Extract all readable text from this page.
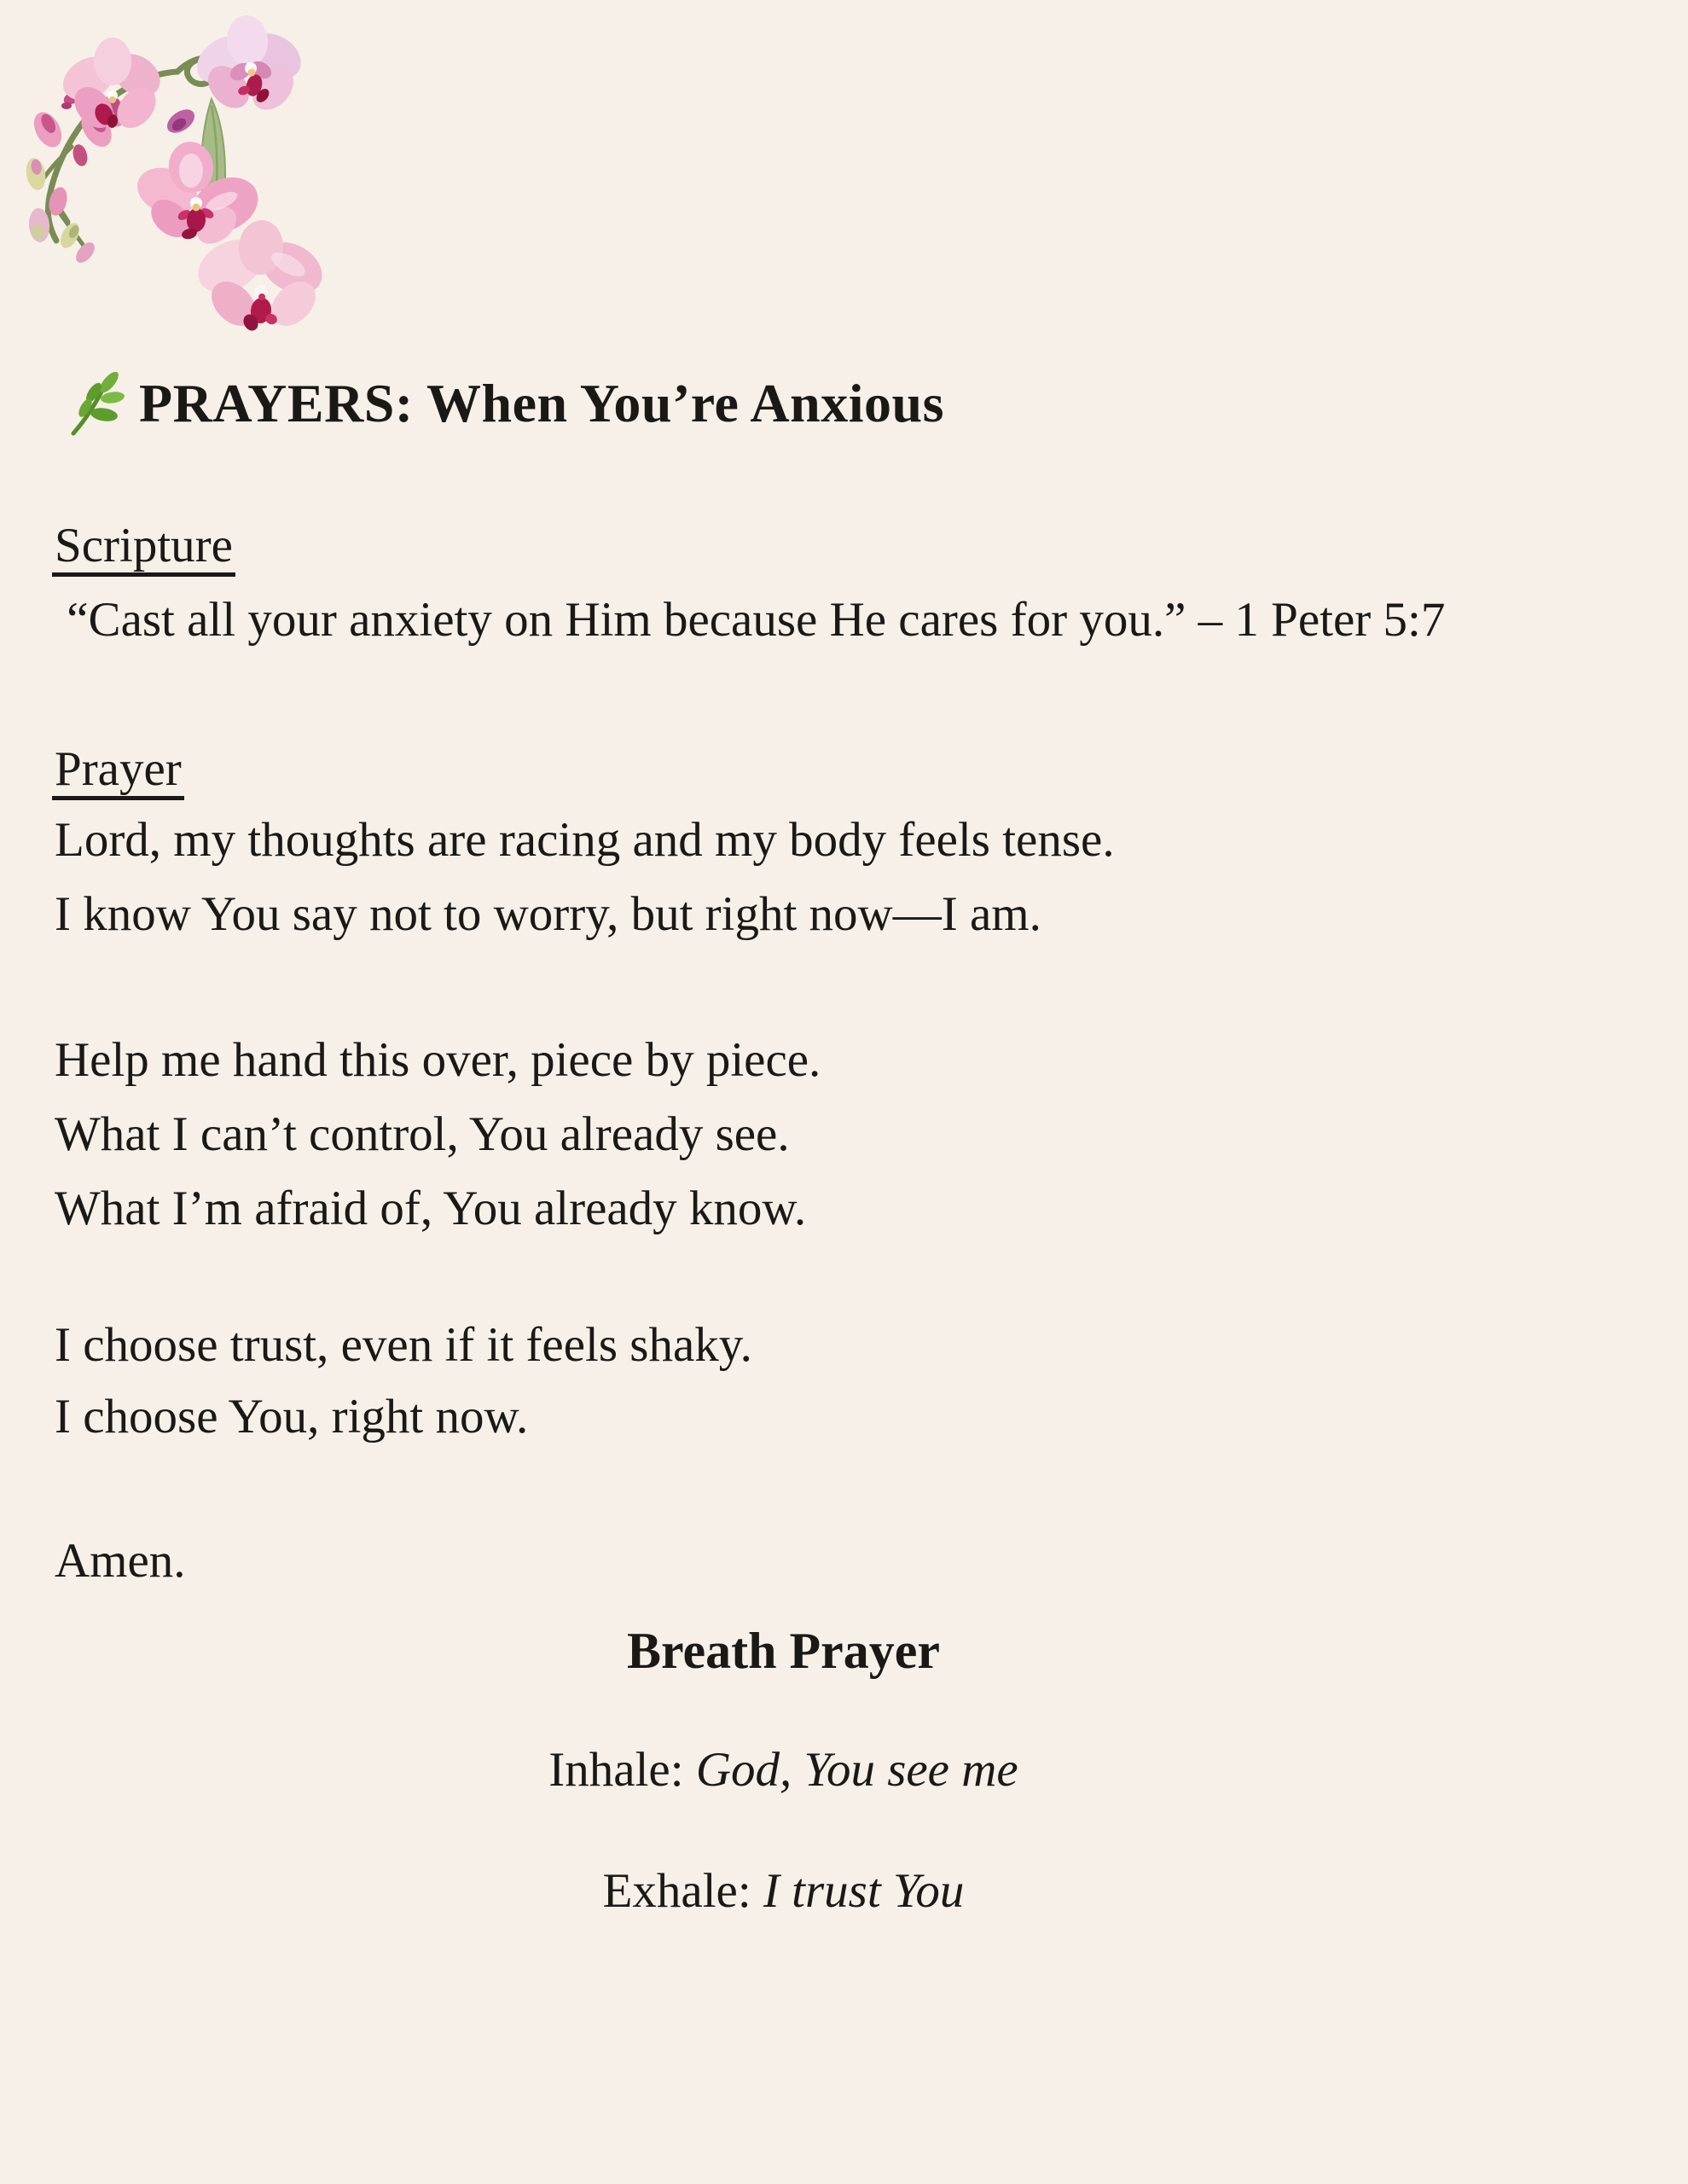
PRAYERS: When You’re Anxious
Scripture
“Cast all your anxiety on Him because He cares for you.” – 1 Peter 5:7
Prayer
Lord, my thoughts are racing and my body feels tense.
I know You say not to worry, but right now—I am.
Help me hand this over, piece by piece.
What I can’t control, You already see.
What I’m afraid of, You already know.
I choose trust, even if it feels shaky.
I choose You, right now.
Amen.
Breath Prayer
Inhale: God, You see me
Exhale: I trust You
